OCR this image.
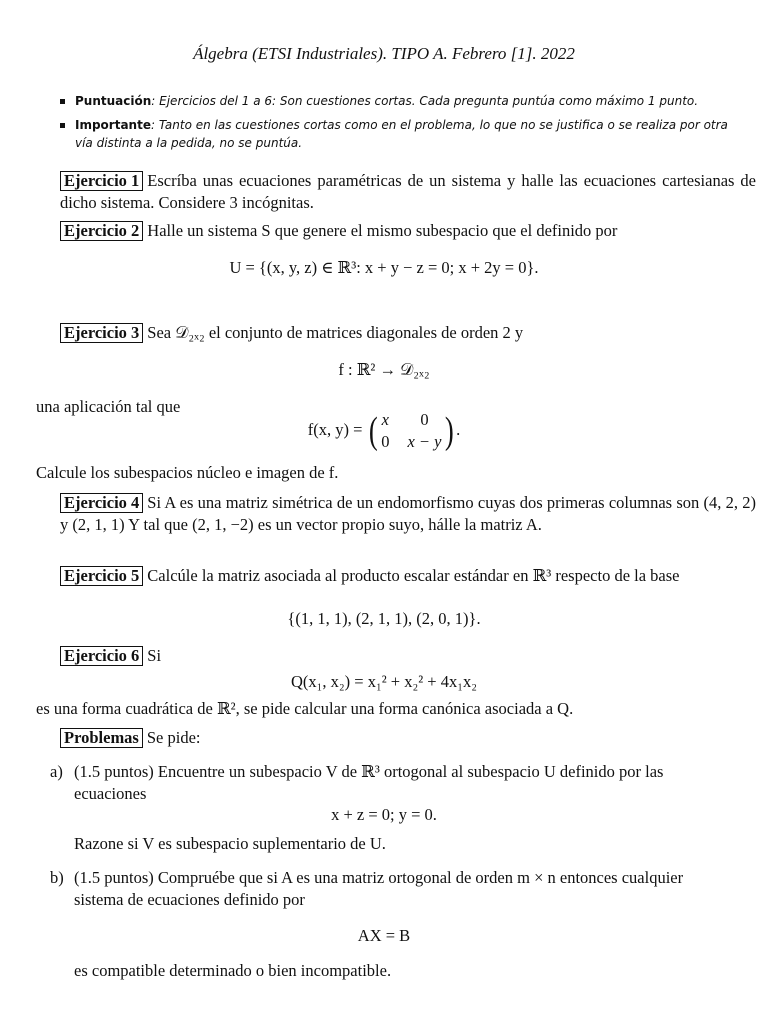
Álgebra (ETSI Industriales). TIPO A. Febrero [1]. 2022
Puntuación: Ejercicios del 1 a 6: Son cuestiones cortas. Cada pregunta puntúa como máximo 1 punto.
Importante: Tanto en las cuestiones cortas como en el problema, lo que no se justifica o se realiza por otra vía distinta a la pedida, no se puntúa.
Ejercicio 1 Escríba unas ecuaciones paramétricas de un sistema y halle las ecuaciones cartesianas de dicho sistema. Considere 3 incógnitas.
Ejercicio 2 Halle un sistema S que genere el mismo subespacio que el definido por
U = {(x, y, z) ∈ ℝ³: x + y − z = 0; x + 2y = 0}.
Ejercicio 3 Sea 𝒟₂ₓ₂ el conjunto de matrices diagonales de orden 2 y
f : ℝ² → 𝒟₂ₓ₂
una aplicación tal que
f(x, y) = ( x	0
0 x − y ) .
Calcule los subespacios núcleo e imagen de f.
Ejercicio 4 Si A es una matriz simétrica de un endomorfismo cuyas dos primeras columnas son (4, 2, 2) y (2, 1, 1) Y tal que (2, 1, −2) es un vector propio suyo, hálle la matriz A.
Ejercicio 5 Calcúle la matriz asociada al producto escalar estándar en ℝ³ respecto de la base
{(1, 1, 1), (2, 1, 1), (2, 0, 1)}.
Ejercicio 6 Si
Q(x₁, x₂) = x₁² + x₂² + 4x₁x₂
es una forma cuadrática de ℝ², se pide calcular una forma canónica asociada a Q.
Problemas Se pide:
a) (1.5 puntos) Encuentre un subespacio V de ℝ³ ortogonal al subespacio U definido por las ecuaciones
x + z = 0; y = 0.
Razone si V es subespacio suplementario de U.
b) (1.5 puntos) Compruébe que si A es una matriz ortogonal de orden m × n entonces cualquier sistema de ecuaciones definido por
AX = B
es compatible determinado o bien incompatible.
